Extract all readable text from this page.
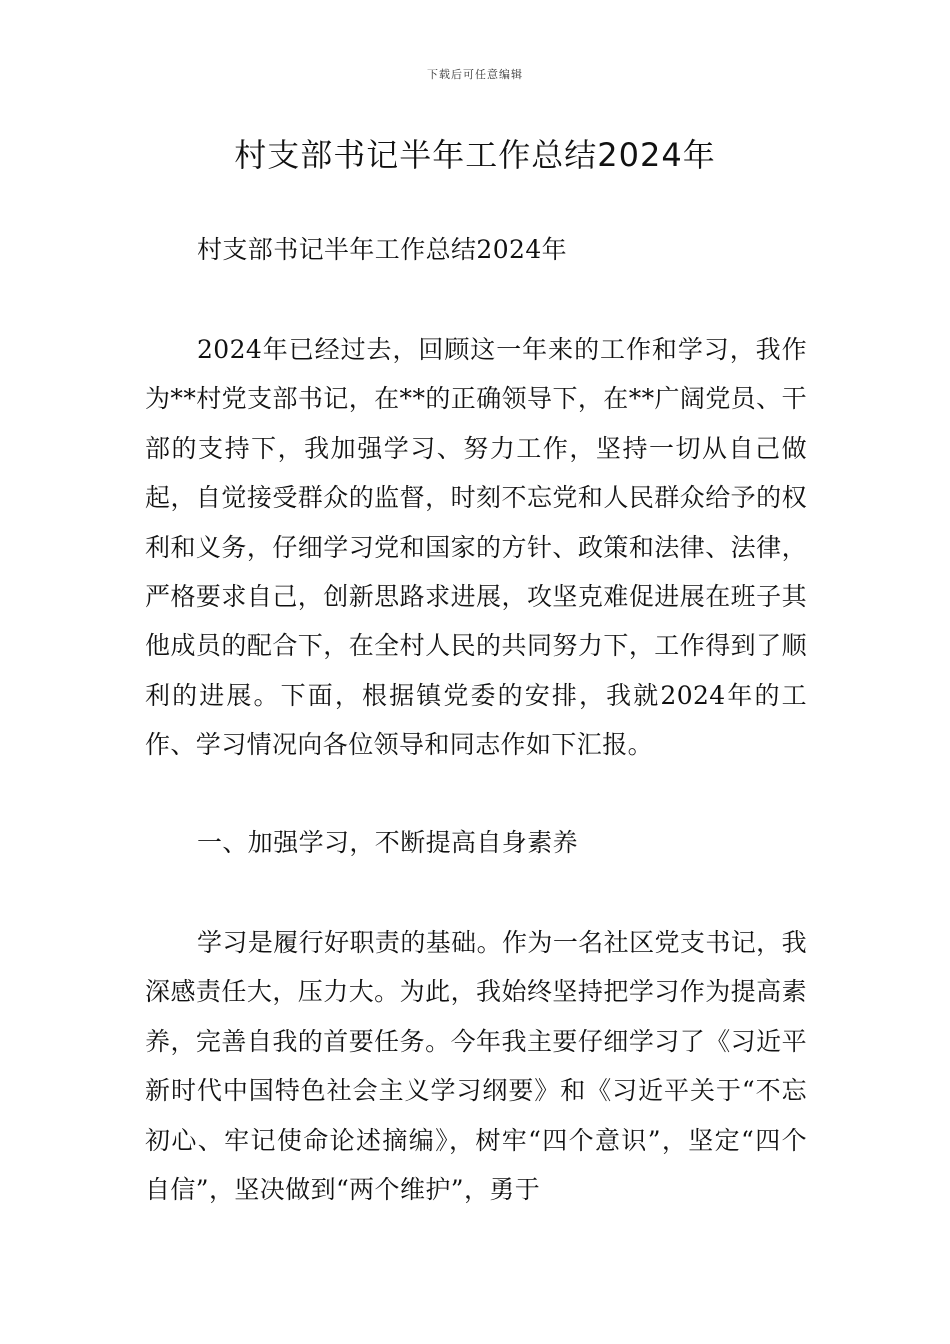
下载后可任意编辑
村支部书记半年工作总结2024年

村支部书记半年工作总结2024年

2024年已经过去，回顾这一年来的工作和学习，我作为**村党支部书记，在**的正确领导下，在**广阔党员、干部的支持下，我加强学习、努力工作，坚持一切从自己做起，自觉接受群众的监督，时刻不忘党和人民群众给予的权利和义务，仔细学习党和国家的方针、政策和法律、法律，严格要求自己，创新思路求进展，攻坚克难促进展在班子其他成员的配合下，在全村人民的共同努力下，工作得到了顺利的进展。下面，根据镇党委的安排，我就2024年的工作、学习情况向各位领导和同志作如下汇报。

一、加强学习，不断提高自身素养

学习是履行好职责的基础。作为一名社区党支书记，我深感责任大，压力大。为此，我始终坚持把学习作为提高素养，完善自我的首要任务。今年我主要仔细学习了《习近平新时代中国特色社会主义学习纲要》和《习近平关于“不忘初心、牢记使命论述摘编》，树牢“四个意识”，坚定“四个自信”，坚决做到“两个维护”，勇于
